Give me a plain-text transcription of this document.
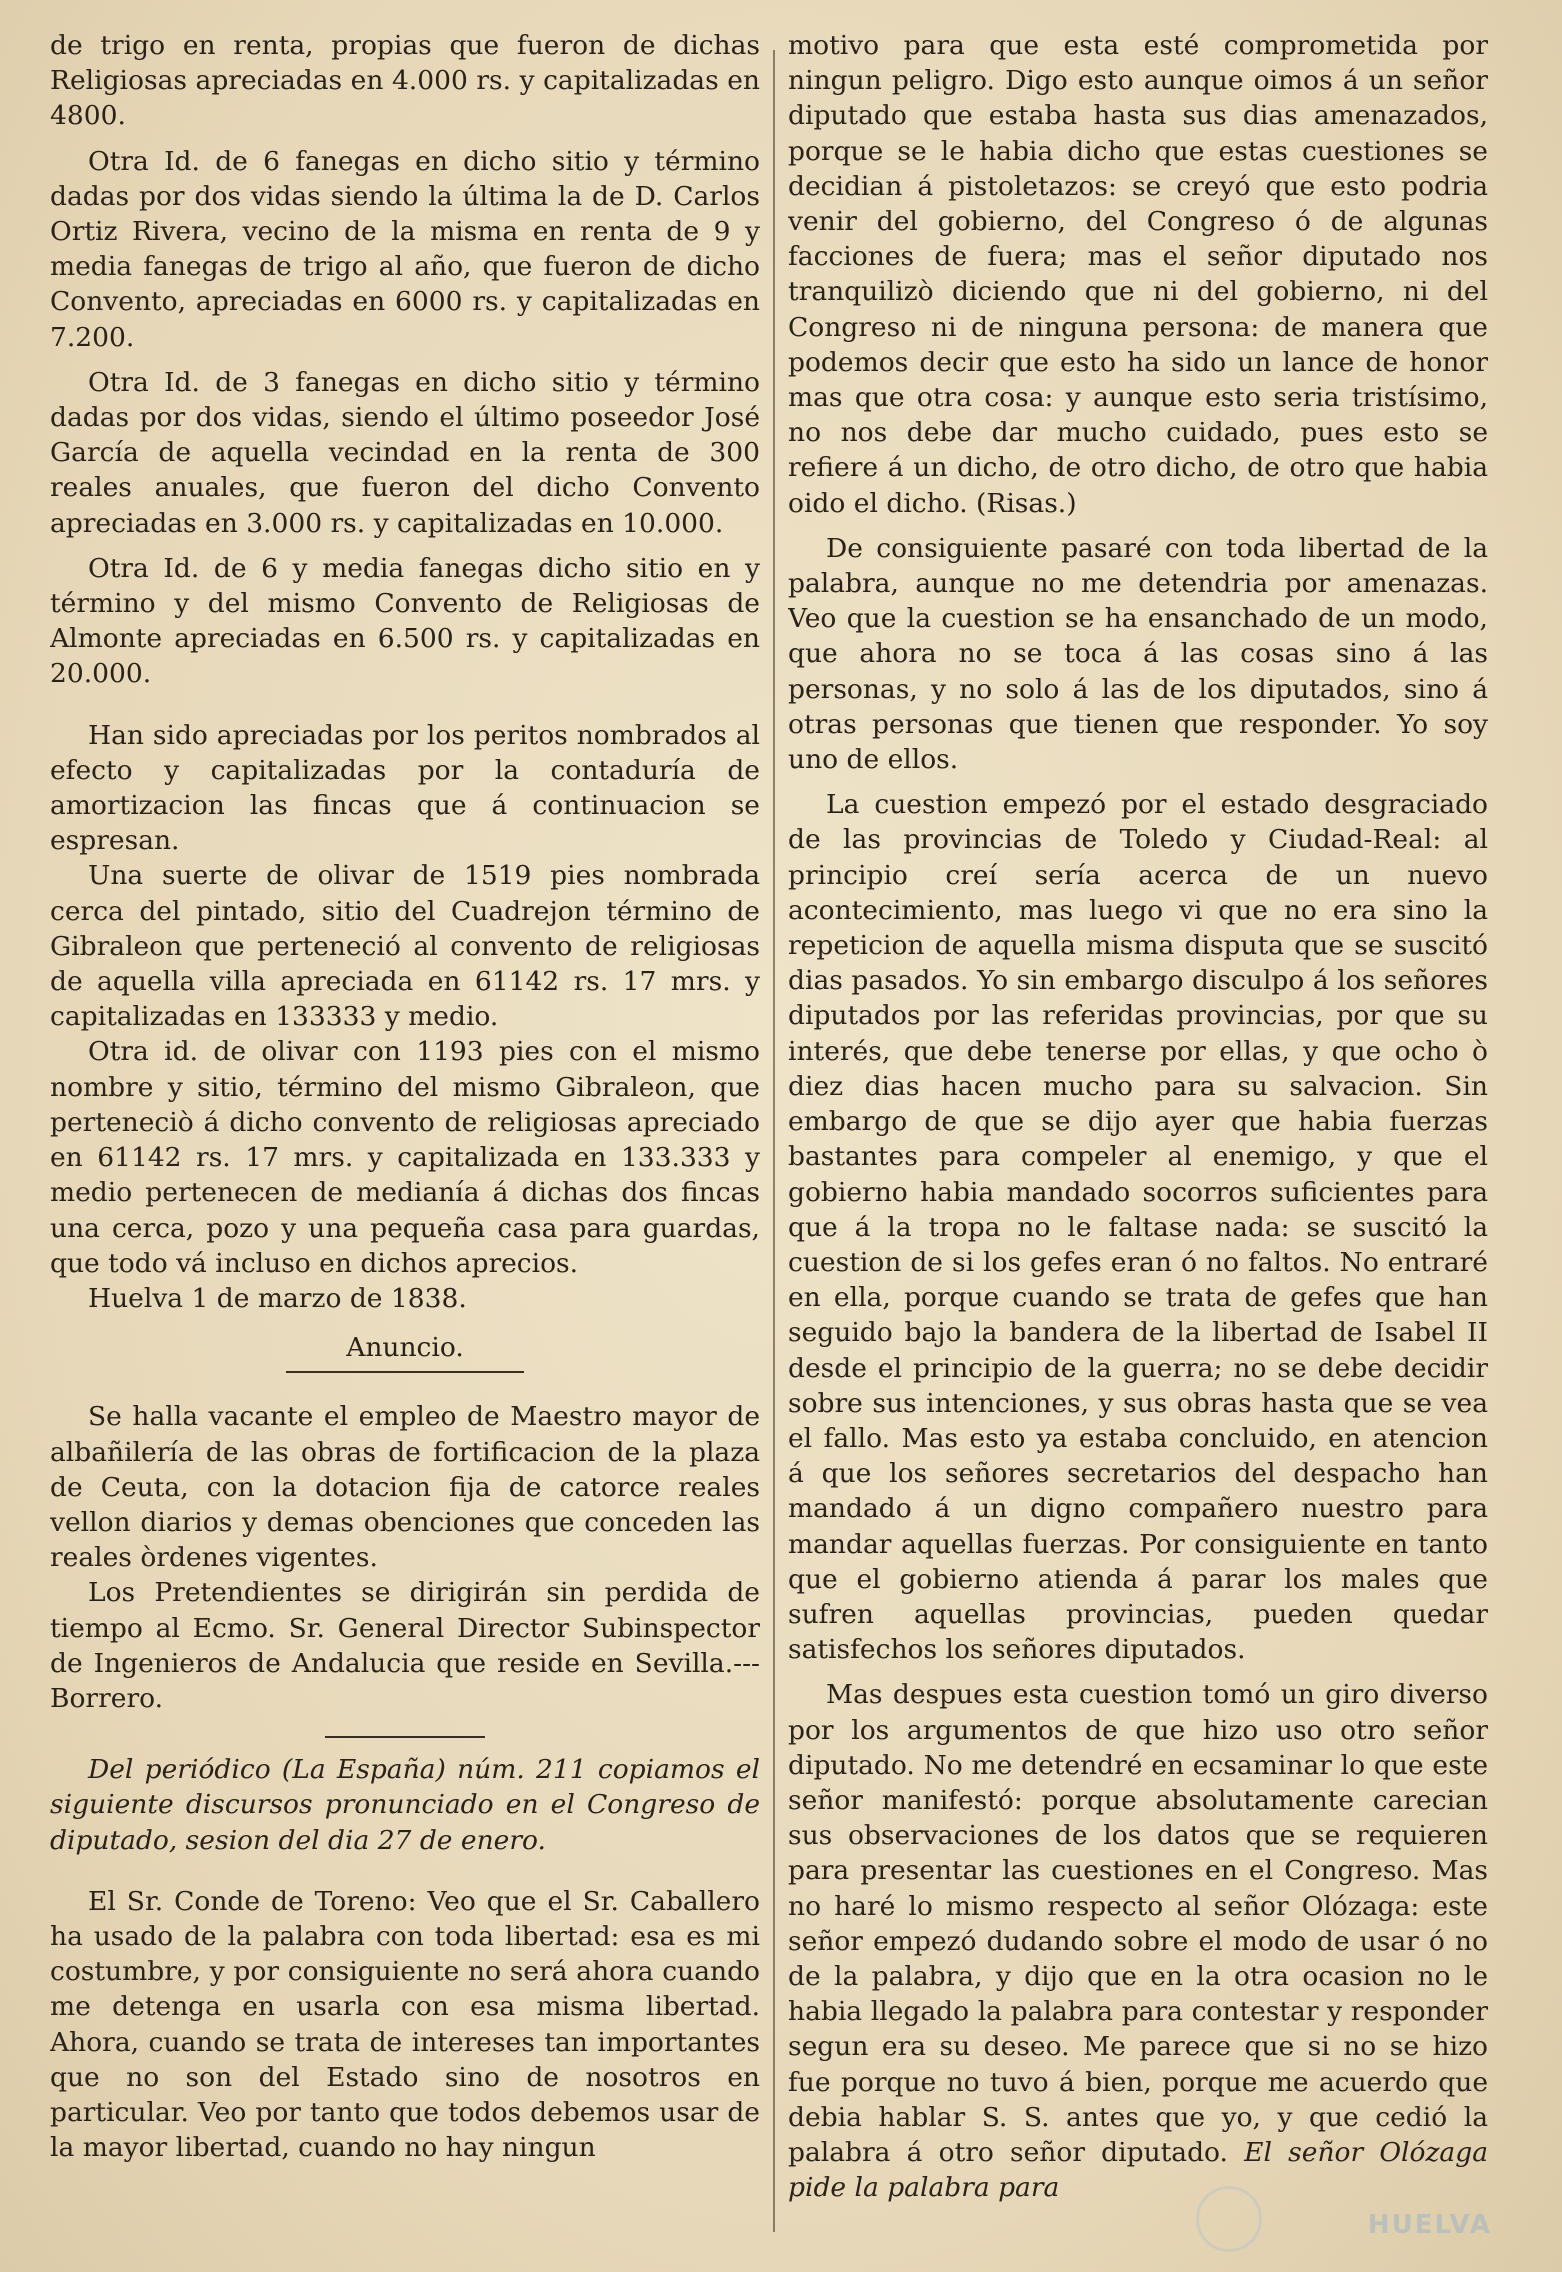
de trigo en renta, propias que fueron de dichas Religiosas apreciadas en 4.000 rs. y capitalizadas en 4800.

Otra Id. de 6 fanegas en dicho sitio y término dadas por dos vidas siendo la última la de D. Carlos Ortiz Rivera, vecino de la misma en renta de 9 y media fanegas de trigo al año, que fueron de dicho Convento, apreciadas en 6000 rs. y capitalizadas en 7.200.

Otra Id. de 3 fanegas en dicho sitio y término dadas por dos vidas, siendo el último poseedor José García de aquella vecindad en la renta de 300 reales anuales, que fueron del dicho Convento apreciadas en 3.000 rs. y capitalizadas en 10.000.

Otra Id. de 6 y media fanegas dicho sitio en y término y del mismo Convento de Religiosas de Almonte apreciadas en 6.500 rs. y capitalizadas en 20.000.

Han sido apreciadas por los peritos nombrados al efecto y capitalizadas por la contaduría de amortizacion las fincas que á continuacion se espresan.

Una suerte de olivar de 1519 pies nombrada cerca del pintado, sitio del Cuadrejon término de Gibraleon que perteneció al convento de religiosas de aquella villa apreciada en 61142 rs. 17 mrs. y capitalizadas en 133333 y medio.

Otra id. de olivar con 1193 pies con el mismo nombre y sitio, término del mismo Gibraleon, que perteneciò á dicho convento de religiosas apreciado en 61142 rs. 17 mrs. y capitalizada en 133.333 y medio pertenecen de medianía á dichas dos fincas una cerca, pozo y una pequeña casa para guardas, que todo vá incluso en dichos aprecios.

Huelva 1 de marzo de 1838.

Anuncio.

Se halla vacante el empleo de Maestro mayor de albañilería de las obras de fortificacion de la plaza de Ceuta, con la dotacion fija de catorce reales vellon diarios y demas obenciones que conceden las reales òrdenes vigentes.

Los Pretendientes se dirigirán sin perdida de tiempo al Ecmo. Sr. General Director Subinspector de Ingenieros de Andalucia que reside en Sevilla.---Borrero.

Del periódico (La España) núm. 211 copiamos el siguiente discursos pronunciado en el Congreso de diputado, sesion del dia 27 de enero.

El Sr. Conde de Toreno: Veo que el Sr. Caballero ha usado de la palabra con toda libertad: esa es mi costumbre, y por consiguiente no será ahora cuando me detenga en usarla con esa misma libertad. Ahora, cuando se trata de intereses tan importantes que no son del Estado sino de nosotros en particular. Veo por tanto que todos debemos usar de la mayor libertad, cuando no hay ningun

motivo para que esta esté comprometida por ningun peligro. Digo esto aunque oimos á un señor diputado que estaba hasta sus dias amenazados, porque se le habia dicho que estas cuestiones se decidian á pistoletazos: se creyó que esto podria venir del gobierno, del Congreso ó de algunas facciones de fuera; mas el señor diputado nos tranquilizò diciendo que ni del gobierno, ni del Congreso ni de ninguna persona: de manera que podemos decir que esto ha sido un lance de honor mas que otra cosa: y aunque esto seria tristísimo, no nos debe dar mucho cuidado, pues esto se refiere á un dicho, de otro dicho, de otro que habia oido el dicho. (Risas.)

De consiguiente pasaré con toda libertad de la palabra, aunque no me detendria por amenazas. Veo que la cuestion se ha ensanchado de un modo, que ahora no se toca á las cosas sino á las personas, y no solo á las de los diputados, sino á otras personas que tienen que responder. Yo soy uno de ellos.

La cuestion empezó por el estado desgraciado de las provincias de Toledo y Ciudad-Real: al principio creí sería acerca de un nuevo acontecimiento, mas luego vi que no era sino la repeticion de aquella misma disputa que se suscitó dias pasados. Yo sin embargo disculpo á los señores diputados por las referidas provincias, por que su interés, que debe tenerse por ellas, y que ocho ò diez dias hacen mucho para su salvacion. Sin embargo de que se dijo ayer que habia fuerzas bastantes para compeler al enemigo, y que el gobierno habia mandado socorros suficientes para que á la tropa no le faltase nada: se suscitó la cuestion de si los gefes eran ó no faltos. No entraré en ella, porque cuando se trata de gefes que han seguido bajo la bandera de la libertad de Isabel II desde el principio de la guerra; no se debe decidir sobre sus intenciones, y sus obras hasta que se vea el fallo. Mas esto ya estaba concluido, en atencion á que los señores secretarios del despacho han mandado á un digno compañero nuestro para mandar aquellas fuerzas. Por consiguiente en tanto que el gobierno atienda á parar los males que sufren aquellas provincias, pueden quedar satisfechos los señores diputados.

Mas despues esta cuestion tomó un giro diverso por los argumentos de que hizo uso otro señor diputado. No me detendré en ecsaminar lo que este señor manifestó: porque absolutamente carecian sus observaciones de los datos que se requieren para presentar las cuestiones en el Congreso. Mas no haré lo mismo respecto al señor Olózaga: este señor empezó dudando sobre el modo de usar ó no de la palabra, y dijo que en la otra ocasion no le habia llegado la palabra para contestar y responder segun era su deseo. Me parece que si no se hizo fue porque no tuvo á bien, porque me acuerdo que debia hablar S. S. antes que yo, y que cedió la palabra á otro señor diputado. El señor Olózaga pide la palabra para

HUELVA
